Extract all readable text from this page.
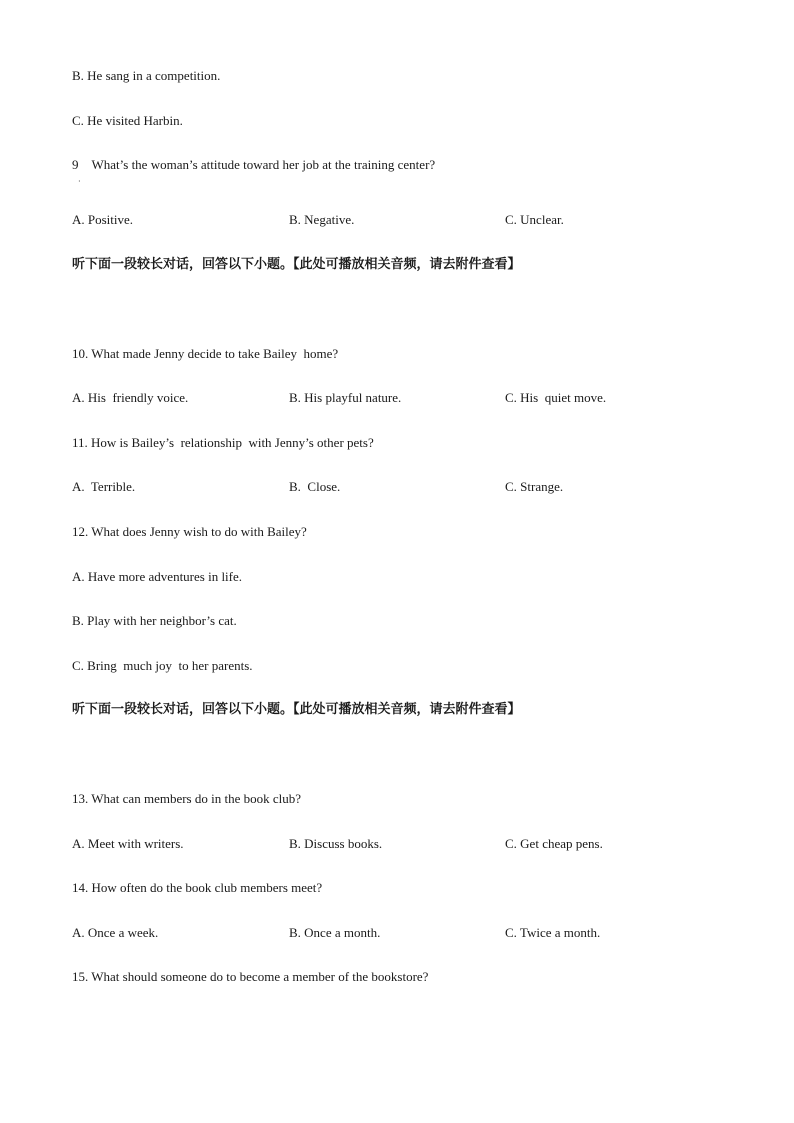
B. He sang in a competition.
C. He visited Harbin.
9　What’s the woman’s attitude toward her job at the training center?
·
A. Positive.	B. Negative.	C. Unclear.
听下面一段较长对话，回答以下小题。【此处可播放相关音频，请去附件查看】
10. What made Jenny decide to take Bailey  home?
A. His  friendly voice.	B. His playful nature.	C. His  quiet move.
11. How is Bailey’s  relationship  with Jenny’s other pets?
A.  Terrible.	B.  Close.	C. Strange.
12. What does Jenny wish to do with Bailey?
A. Have more adventures in life.
B. Play with her neighbor’s cat.
C. Bring  much joy  to her parents.
听下面一段较长对话，回答以下小题。【此处可播放相关音频，请去附件查看】
13. What can members do in the book club?
A. Meet with writers.	B. Discuss books.	C. Get cheap pens.
14. How often do the book club members meet?
A. Once a week.	B. Once a month.	C. Twice a month.
15. What should someone do to become a member of the bookstore?
